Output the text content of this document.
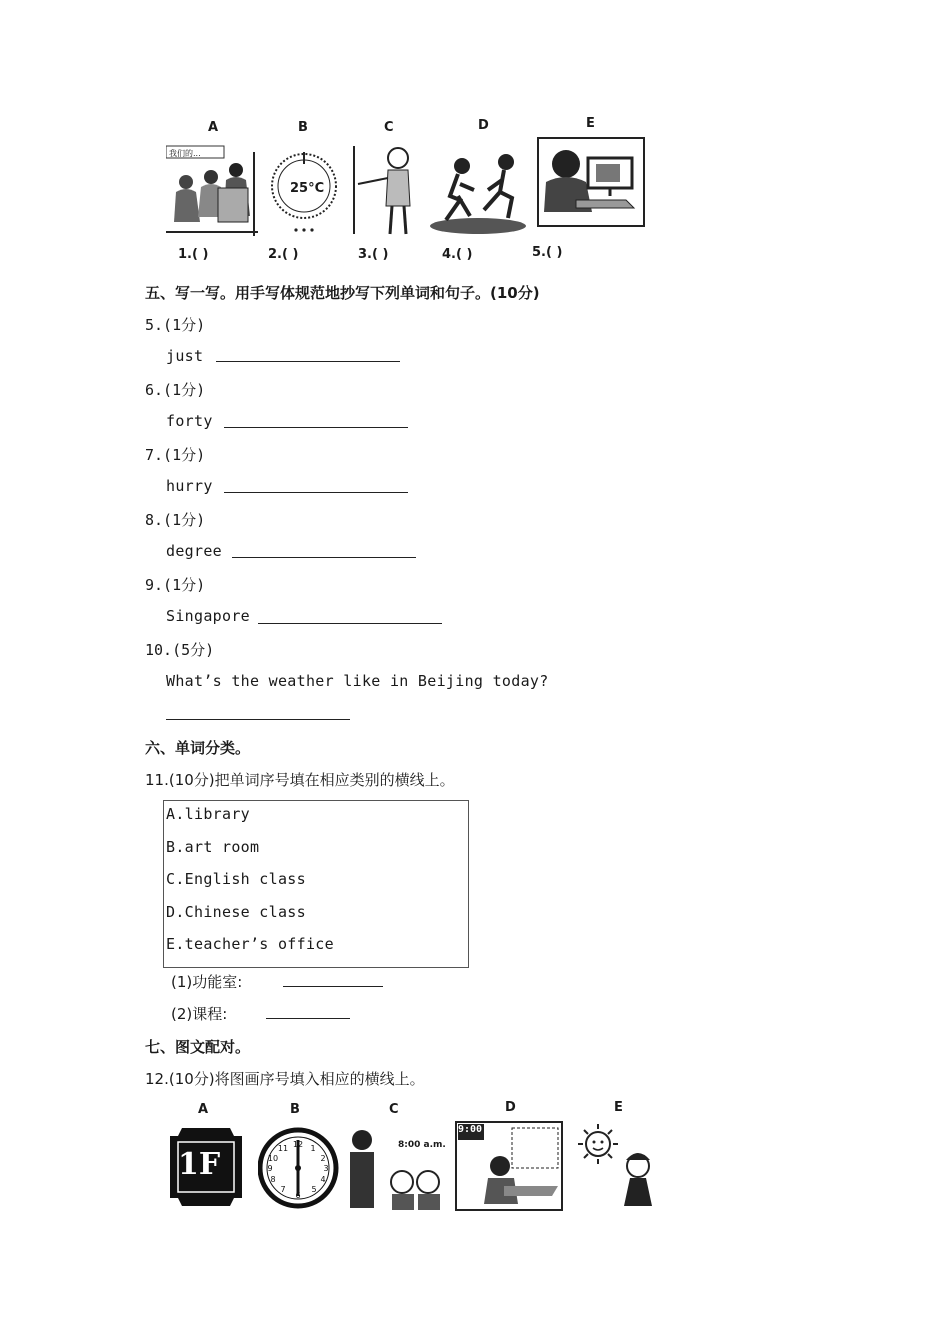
A	B	C	D	E
我们的...
25°C
1.( )	2.( )	3.( )	4.( )	5.( )
五、写一写。用手写体规范地抄写下列单词和句子。(10分)
5.(1分)
just
6.(1分)
forty
7.(1分)
hurry
8.(1分)
degree
9.(1分)
Singapore
10.(5分)
What’s the weather like in Beijing today?
六、单词分类。
11.(10分)把单词序号填在相应类别的横线上。
A.library
B.art room
C.English class
D.Chinese class
E.teacher’s office
(1)功能室:
(2)课程:
七、图文配对。
12.(10分)将图画序号填入相应的横线上。
A	B	C	D	E
1F
12 1
2
3
4
5
6
7
8
9
10
11	8:00 a.m.
9:00
